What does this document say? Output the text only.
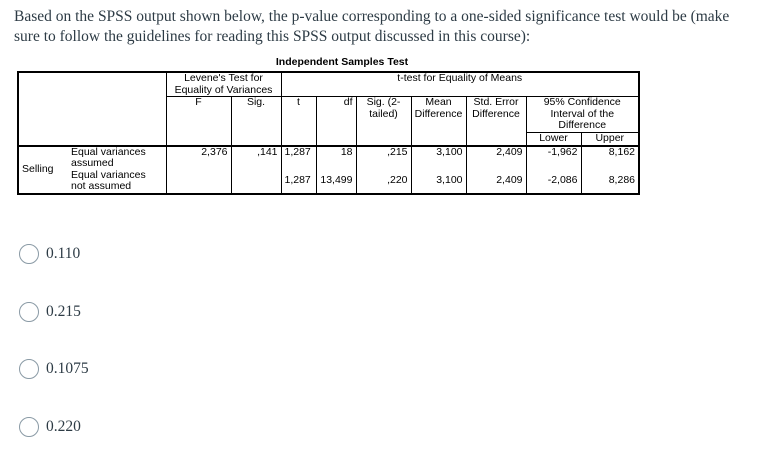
Based on the SPSS output shown below, the p-value corresponding to a one-sided significance test would be (make sure to follow the guidelines for reading this SPSS output discussed in this course):
Independent Samples Test
		Levene's Test for Equality of Variances		t-test for Equality of Means						
		F	Sig.	t	df	Sig. (2-tailed)	Mean Difference	Std. Error Difference	95% Confidence Interval of the Difference	
									Lower	Upper
Selling	Equal variances assumed	2,376	,141	1,287	18	,215	3,100	2,409	-1,962	8,162
	Equal variances not assumed			1,287	13,499	,220	3,100	2,409	-2,086	8,286
0.110
0.215
0.1075
0.220
